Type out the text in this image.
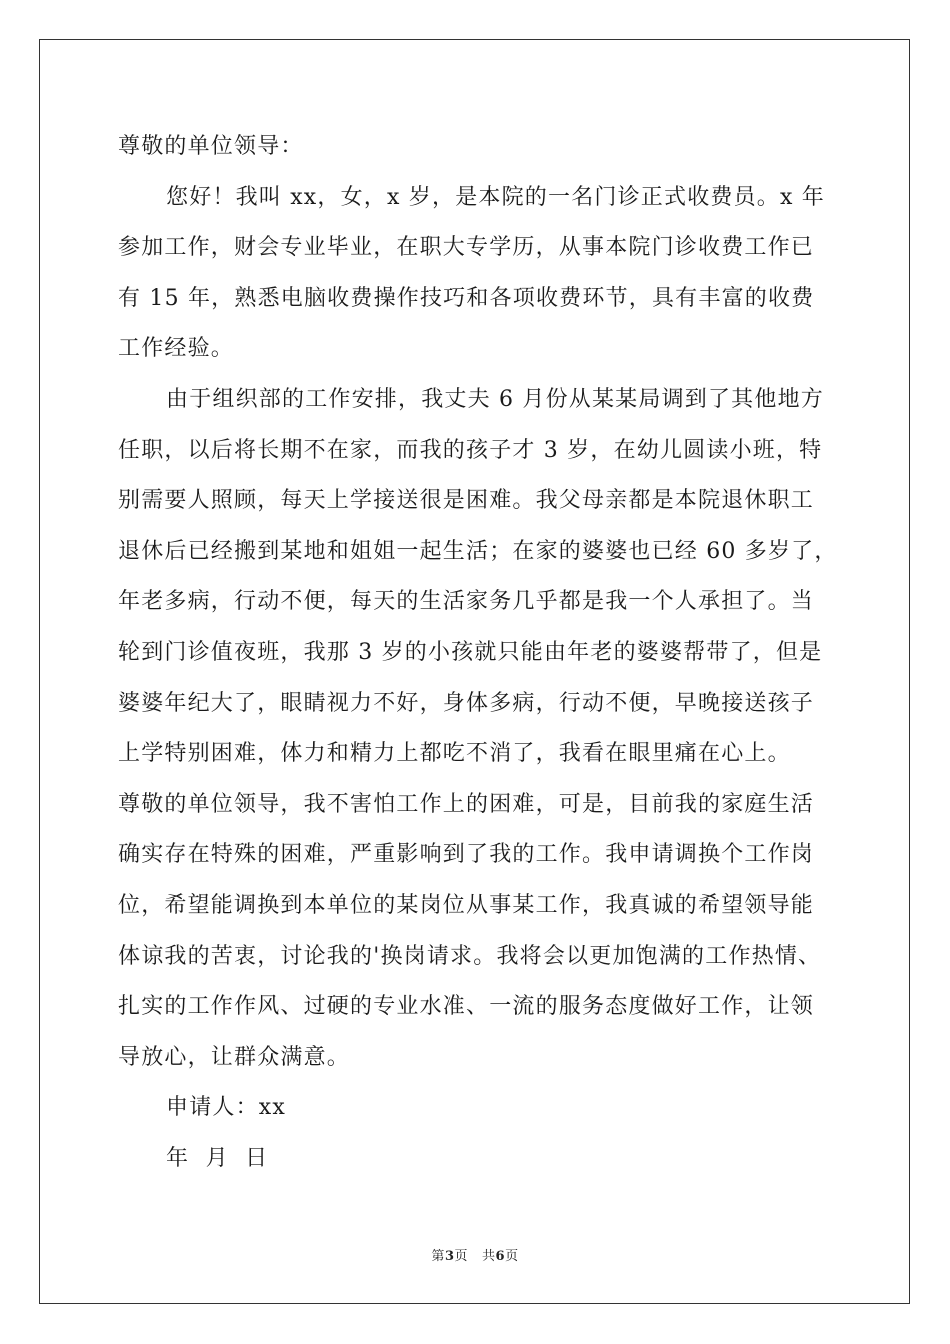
尊敬的单位领导：
您好！我叫 xx，女，x 岁，是本院的一名门诊正式收费员。x 年
参加工作，财会专业毕业，在职大专学历，从事本院门诊收费工作已
有 15 年，熟悉电脑收费操作技巧和各项收费环节，具有丰富的收费
工作经验。
由于组织部的工作安排，我丈夫 6 月份从某某局调到了其他地方
任职，以后将长期不在家，而我的孩子才 3 岁，在幼儿圆读小班，特
别需要人照顾，每天上学接送很是困难。我父母亲都是本院退休职工
退休后已经搬到某地和姐姐一起生活；在家的婆婆也已经 60 多岁了，
年老多病，行动不便，每天的生活家务几乎都是我一个人承担了。当
轮到门诊值夜班，我那 3 岁的小孩就只能由年老的婆婆帮带了，但是
婆婆年纪大了，眼睛视力不好，身体多病，行动不便，早晚接送孩子
上学特别困难，体力和精力上都吃不消了，我看在眼里痛在心上。
尊敬的单位领导，我不害怕工作上的困难，可是，目前我的家庭生活
确实存在特殊的困难，严重影响到了我的工作。我申请调换个工作岗
位，希望能调换到本单位的某岗位从事某工作，我真诚的希望领导能
体谅我的苦衷，讨论我的'换岗请求。我将会以更加饱满的工作热情、
扎实的工作作风、过硬的专业水准、一流的服务态度做好工作，让领
导放心，让群众满意。
申请人：xx
年  月  日
第3页 共6页
